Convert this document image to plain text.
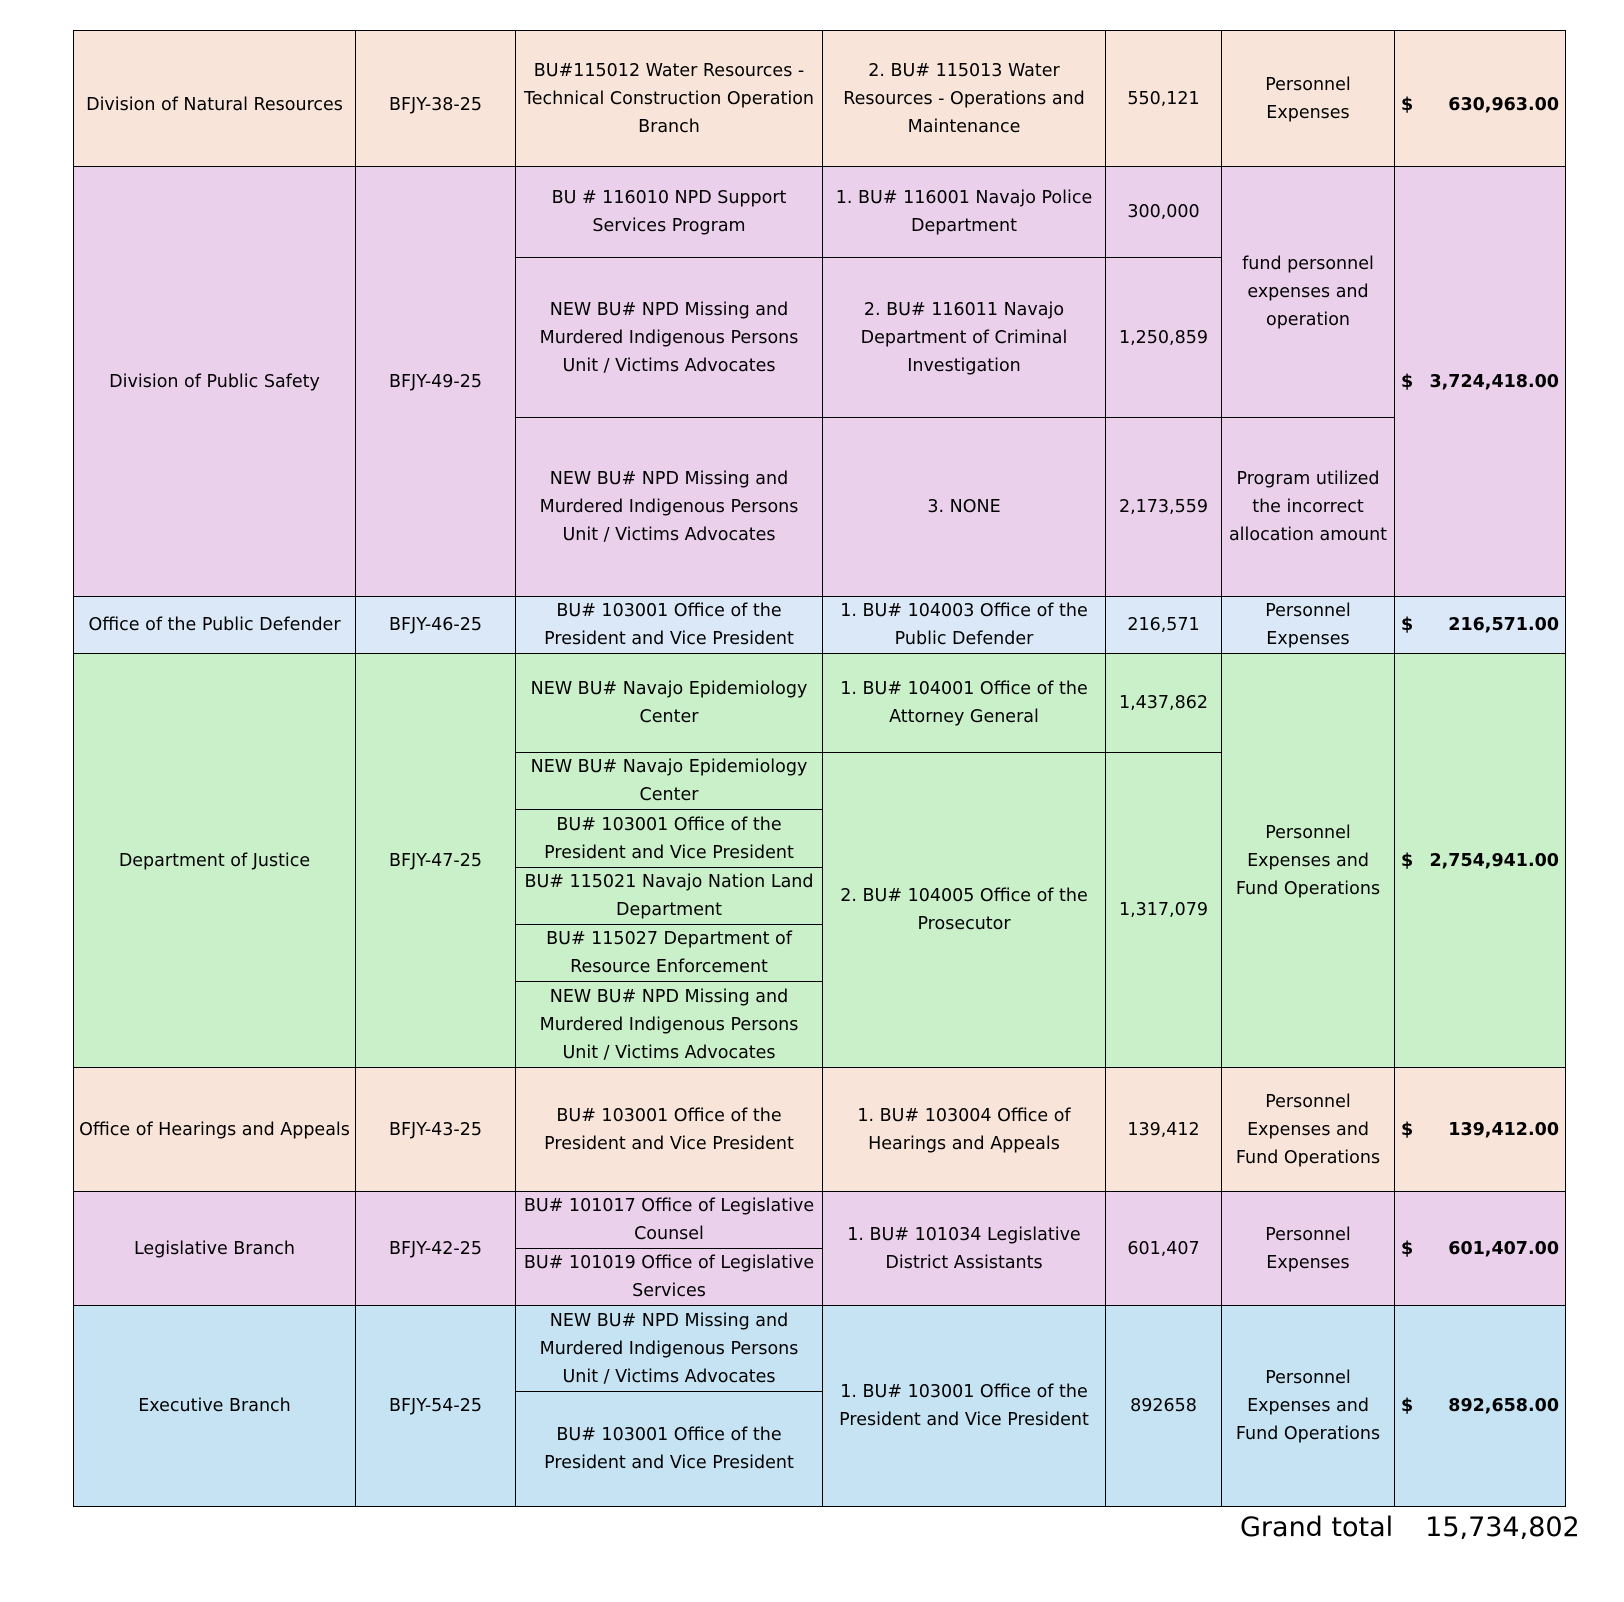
Division of Natural Resources	BFJY-38-25	BU#115012 Water Resources - Technical Construction Operation Branch	2. BU# 115013 Water Resources - Operations and Maintenance	550,121	Personnel Expenses	$ 630,963.00

Division of Public Safety	BFJY-49-25	BU # 116010 NPD Support Services Program	1. BU# 116001 Navajo Police Department	300,000	fund personnel expenses and operation	$ 3,724,418.00

		NEW BU# NPD Missing and Murdered Indigenous Persons Unit / Victims Advocates	2. BU# 116011 Navajo Department of Criminal Investigation	1,250,859		
		NEW BU# NPD Missing and Murdered Indigenous Persons Unit / Victims Advocates	3. NONE	2,173,559	Program utilized the incorrect allocation amount	
Office of the Public Defender	BFJY-46-25	BU# 103001 Office of the President and Vice President	1. BU# 104003 Office of the Public Defender	216,571	Personnel Expenses	$ 216,571.00

Department of Justice	BFJY-47-25	NEW BU# Navajo Epidemiology Center	1. BU# 104001 Office of the Attorney General	1,437,862	Personnel Expenses and Fund Operations	$ 2,754,941.00

		NEW BU# Navajo Epidemiology Center	2. BU# 104005 Office of the Prosecutor	1,317,079		
		BU# 103001 Office of the President and Vice President				
		BU# 115021 Navajo Nation Land Department				
		BU# 115027 Department of Resource Enforcement				
		NEW BU# NPD Missing and Murdered Indigenous Persons Unit / Victims Advocates				
Office of Hearings and Appeals	BFJY-43-25	BU# 103001 Office of the President and Vice President	1. BU# 103004 Office of Hearings and Appeals	139,412	Personnel Expenses and Fund Operations	$ 139,412.00

Legislative Branch	BFJY-42-25	BU# 101017 Office of Legislative Counsel	1. BU# 101034 Legislative District Assistants	601,407	Personnel Expenses	$ 601,407.00

		BU# 101019 Office of Legislative Services				
Executive Branch	BFJY-54-25	NEW BU# NPD Missing and Murdered Indigenous Persons Unit / Victims Advocates	1. BU# 103001 Office of the President and Vice President	892658	Personnel Expenses and Fund Operations	$ 892,658.00

		BU# 103001 Office of the President and Vice President				
Grand total 15,734,802
